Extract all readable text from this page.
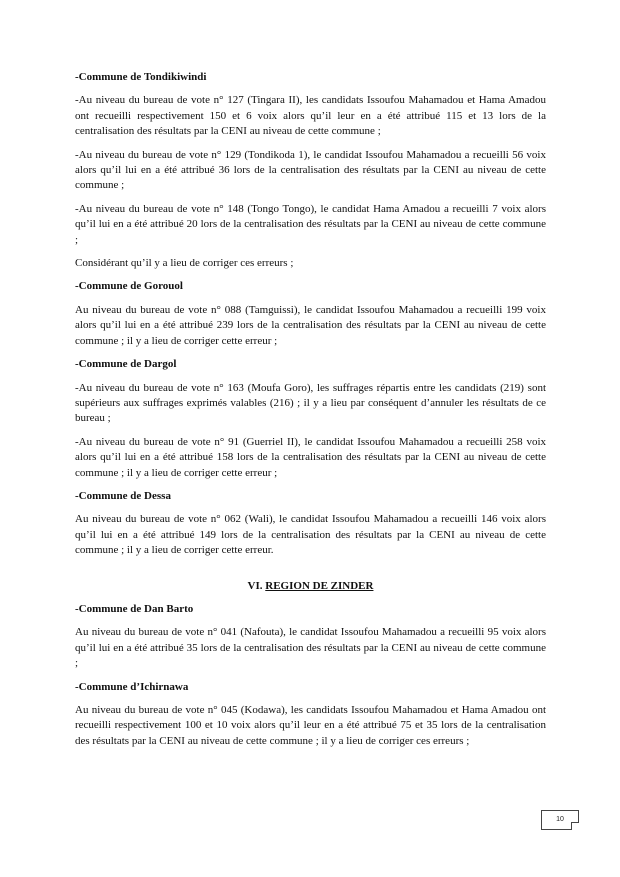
-Commune de Tondikiwindi

-Au niveau du bureau de vote n° 127 (Tingara II), les candidats Issoufou Mahamadou et Hama Amadou ont recueilli respectivement 150 et 6 voix alors qu’il leur en a été attribué 115 et 13 lors de la centralisation des résultats par la CENI au niveau de cette commune ;

-Au niveau du bureau de vote n° 129 (Tondikoda 1), le candidat Issoufou Mahamadou a recueilli 56 voix alors qu’il lui en a été attribué 36 lors de la centralisation des résultats par la CENI au niveau de cette commune ;

-Au niveau du bureau de vote n° 148 (Tongo Tongo), le candidat Hama Amadou a recueilli 7 voix alors qu’il lui en a été attribué 20 lors de la centralisation des résultats par la CENI au niveau de cette commune ;

Considérant qu’il y a lieu de corriger ces erreurs ;

-Commune de Gorouol

Au niveau du bureau de vote n° 088 (Tamguissi), le candidat Issoufou Mahamadou a recueilli 199 voix alors qu’il lui en a été attribué 239 lors de la centralisation des résultats par la CENI au niveau de cette commune ; il y a lieu de corriger cette erreur ;

-Commune de Dargol

-Au niveau du bureau de vote n° 163 (Moufa Goro), les suffrages répartis entre les candidats (219) sont supérieurs aux suffrages exprimés valables (216) ; il y a lieu par conséquent d’annuler les résultats de ce bureau ;

-Au niveau du bureau de vote n° 91 (Guerriel II), le candidat Issoufou Mahamadou a recueilli 258 voix alors qu’il lui en a été attribué 158 lors de la centralisation des résultats par la CENI au niveau de cette commune ; il y a lieu de corriger cette erreur ;

-Commune de Dessa

Au niveau du bureau de vote n° 062 (Wali), le candidat Issoufou Mahamadou a recueilli 146 voix alors qu’il lui en a été attribué 149 lors de la centralisation des résultats par la CENI au niveau de cette commune ; il y a lieu de corriger cette erreur.

VI. REGION DE ZINDER

-Commune de Dan Barto

Au niveau du bureau de vote n° 041 (Nafouta), le candidat Issoufou Mahamadou a recueilli 95 voix alors qu’il lui en a été attribué 35 lors de la centralisation des résultats par la CENI au niveau de cette commune ;

-Commune d’Ichirnawa

Au niveau du bureau de vote n° 045 (Kodawa), les candidats Issoufou Mahamadou et Hama Amadou ont recueilli respectivement 100 et 10 voix alors qu’il leur en a été attribué 75 et 35 lors de la centralisation des résultats par la CENI au niveau de cette commune ; il y a lieu de corriger ces erreurs ;

10
